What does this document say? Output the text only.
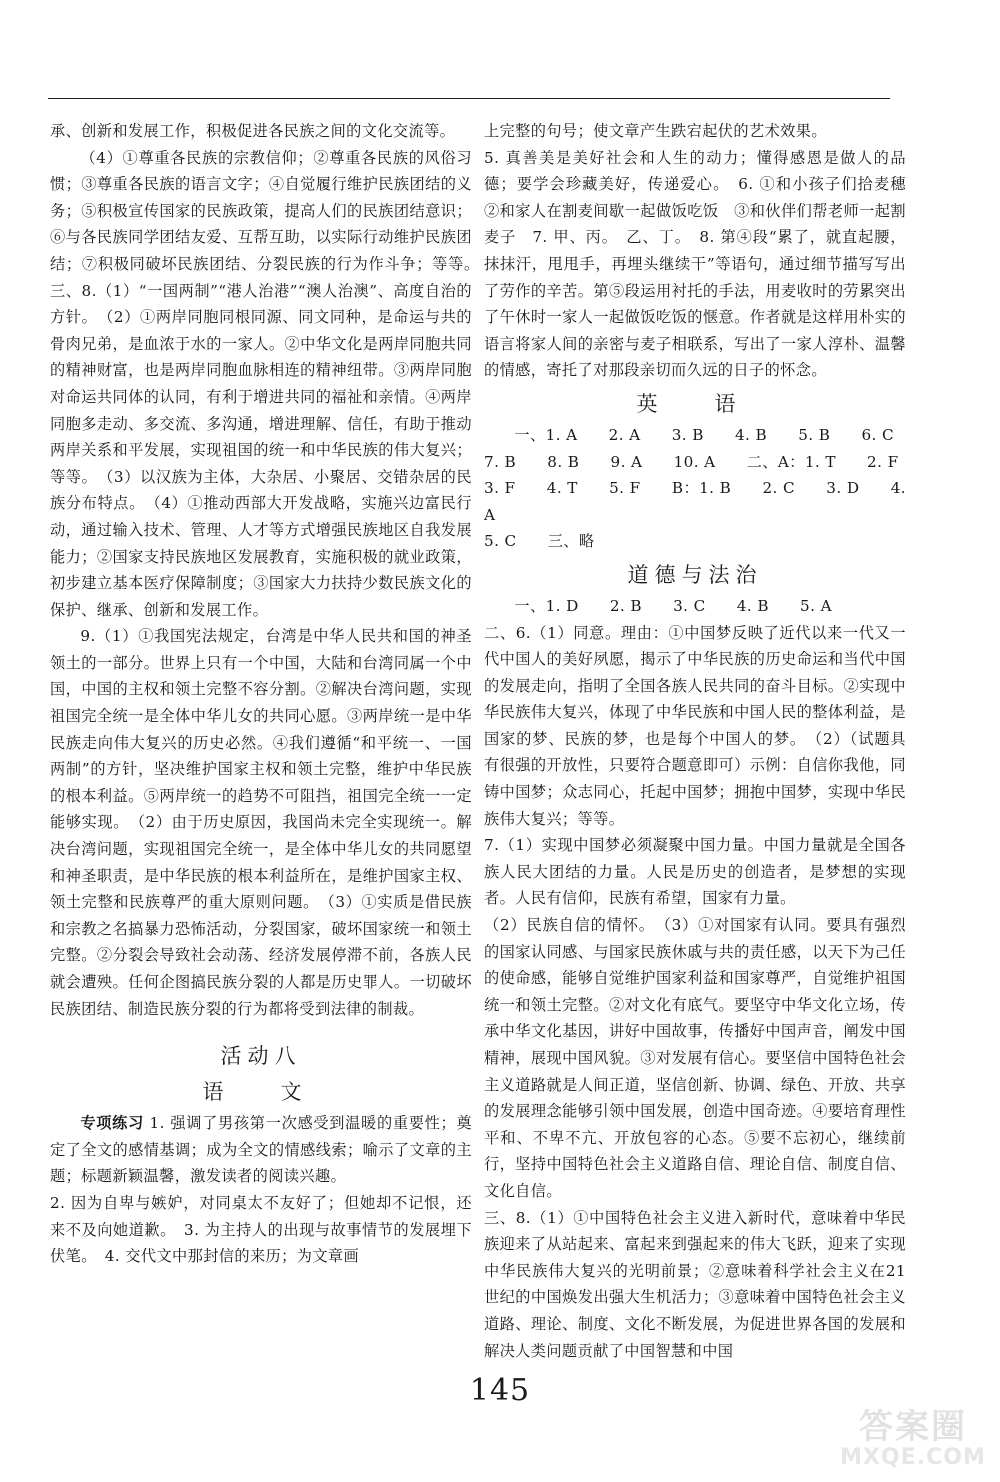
承、创新和发展工作，积极促进各民族之间的文化交流等。

（4）①尊重各民族的宗教信仰；②尊重各民族的风俗习惯；③尊重各民族的语言文字；④自觉履行维护民族团结的义务；⑤积极宣传国家的民族政策，提高人们的民族团结意识；⑥与各民族同学团结友爱、互帮互助，以实际行动维护民族团结；⑦积极同破坏民族团结、分裂民族的行为作斗争；等等。　三、8.（1）“一国两制”“港人治港”“澳人治澳”、高度自治的方针。　（2）①两岸同胞同根同源、同文同种，是命运与共的骨肉兄弟，是血浓于水的一家人。②中华文化是两岸同胞共同的精神财富，也是两岸同胞血脉相连的精神纽带。③两岸同胞对命运共同体的认同，有利于增进共同的福祉和亲情。④两岸同胞多走动、多交流、多沟通，增进理解、信任，有助于推动两岸关系和平发展，实现祖国的统一和中华民族的伟大复兴；等等。　（3）以汉族为主体，大杂居、小聚居、交错杂居的民族分布特点。　（4）①推动西部大开发战略，实施兴边富民行动，通过输入技术、管理、人才等方式增强民族地区自我发展能力；②国家支持民族地区发展教育，实施积极的就业政策，初步建立基本医疗保障制度；③国家大力扶持少数民族文化的保护、继承、创新和发展工作。

9.（1）①我国宪法规定，台湾是中华人民共和国的神圣领土的一部分。世界上只有一个中国，大陆和台湾同属一个中国，中国的主权和领土完整不容分割。②解决台湾问题，实现祖国完全统一是全体中华儿女的共同心愿。③两岸统一是中华民族走向伟大复兴的历史必然。④我们遵循“和平统一、一国两制”的方针，坚决维护国家主权和领土完整，维护中华民族的根本利益。⑤两岸统一的趋势不可阻挡，祖国完全统一一定能够实现。　（2）由于历史原因，我国尚未完全实现统一。解决台湾问题，实现祖国完全统一，是全体中华儿女的共同愿望和神圣职责，是中华民族的根本利益所在，是维护国家主权、领土完整和民族尊严的重大原则问题。　（3）①实质是借民族和宗教之名搞暴力恐怖活动，分裂国家，破坏国家统一和领土完整。②分裂会导致社会动荡、经济发展停滞不前，各族人民就会遭殃。任何企图搞民族分裂的人都是历史罪人。一切破坏民族团结、制造民族分裂的行为都将受到法律的制裁。

活动八
语　文

专项练习 1. 强调了男孩第一次感受到温暖的重要性；奠定了全文的感情基调；成为全文的情感线索；喻示了文章的主题；标题新颖温馨，激发读者的阅读兴趣。

2. 因为自卑与嫉妒，对同桌太不友好了；但她却不记恨，还来不及向她道歉。　3. 为主持人的出现与故事情节的发展埋下伏笔。　4. 交代文中那封信的来历；为文章画

上完整的句号；使文章产生跌宕起伏的艺术效果。

5. 真善美是美好社会和人生的动力；懂得感恩是做人的品德；要学会珍藏美好，传递爱心。　6. ①和小孩子们拾麦穗　②和家人在割麦间歇一起做饭吃饭　③和伙伴们帮老师一起割麦子　7. 甲、丙。　乙、丁。　8. 第④段“累了，就直起腰，抹抹汗，甩甩手，再埋头继续干”等语句，通过细节描写写出了劳作的辛苦。第⑤段运用衬托的手法，用麦收时的劳累突出了午休时一家人一起做饭吃饭的惬意。作者就是这样用朴实的语言将家人间的亲密与麦子相联系，写出了一家人淳朴、温馨的情感，寄托了对那段亲切而久远的日子的怀念。

英　语

一、1. A　　2. A　　3. B　　4. B　　5. B　　6. C

7. B　　8. B　　9. A　　10. A　　二、A：1. T　　2. F

3. F　　4. T　　5. F　　B：1. B　　2. C　　3. D　　4. A

5. C　　三、略

道德与法治

一、1. D　　2. B　　3. C　　4. B　　5. A

二、6.（1）同意。理由：①中国梦反映了近代以来一代又一代中国人的美好夙愿，揭示了中华民族的历史命运和当代中国的发展走向，指明了全国各族人民共同的奋斗目标。②实现中华民族伟大复兴，体现了中华民族和中国人民的整体利益，是国家的梦、民族的梦，也是每个中国人的梦。　（2）（试题具有很强的开放性，只要符合题意即可）示例：自信你我他，同铸中国梦；众志同心，托起中国梦；拥抱中国梦，实现中华民族伟大复兴；等等。

7.（1）实现中国梦必须凝聚中国力量。中国力量就是全国各族人民大团结的力量。人民是历史的创造者，是梦想的实现者。人民有信仰，民族有希望，国家有力量。

（2）民族自信的情怀。　（3）①对国家有认同。要具有强烈的国家认同感、与国家民族休戚与共的责任感，以天下为己任的使命感，能够自觉维护国家利益和国家尊严，自觉维护祖国统一和领土完整。②对文化有底气。要坚守中华文化立场，传承中华文化基因，讲好中国故事，传播好中国声音，阐发中国精神，展现中国风貌。③对发展有信心。要坚信中国特色社会主义道路就是人间正道，坚信创新、协调、绿色、开放、共享的发展理念能够引领中国发展，创造中国奇迹。④要培育理性平和、不卑不亢、开放包容的心态。⑤要不忘初心，继续前行，坚持中国特色社会主义道路自信、理论自信、制度自信、文化自信。

三、8.（1）①中国特色社会主义进入新时代，意味着中华民族迎来了从站起来、富起来到强起来的伟大飞跃，迎来了实现中华民族伟大复兴的光明前景；②意味着科学社会主义在21世纪的中国焕发出强大生机活力；③意味着中国特色社会主义道路、理论、制度、文化不断发展，为促进世界各国的发展和解决人类问题贡献了中国智慧和中国

145
答案圈
MXQE.COM
